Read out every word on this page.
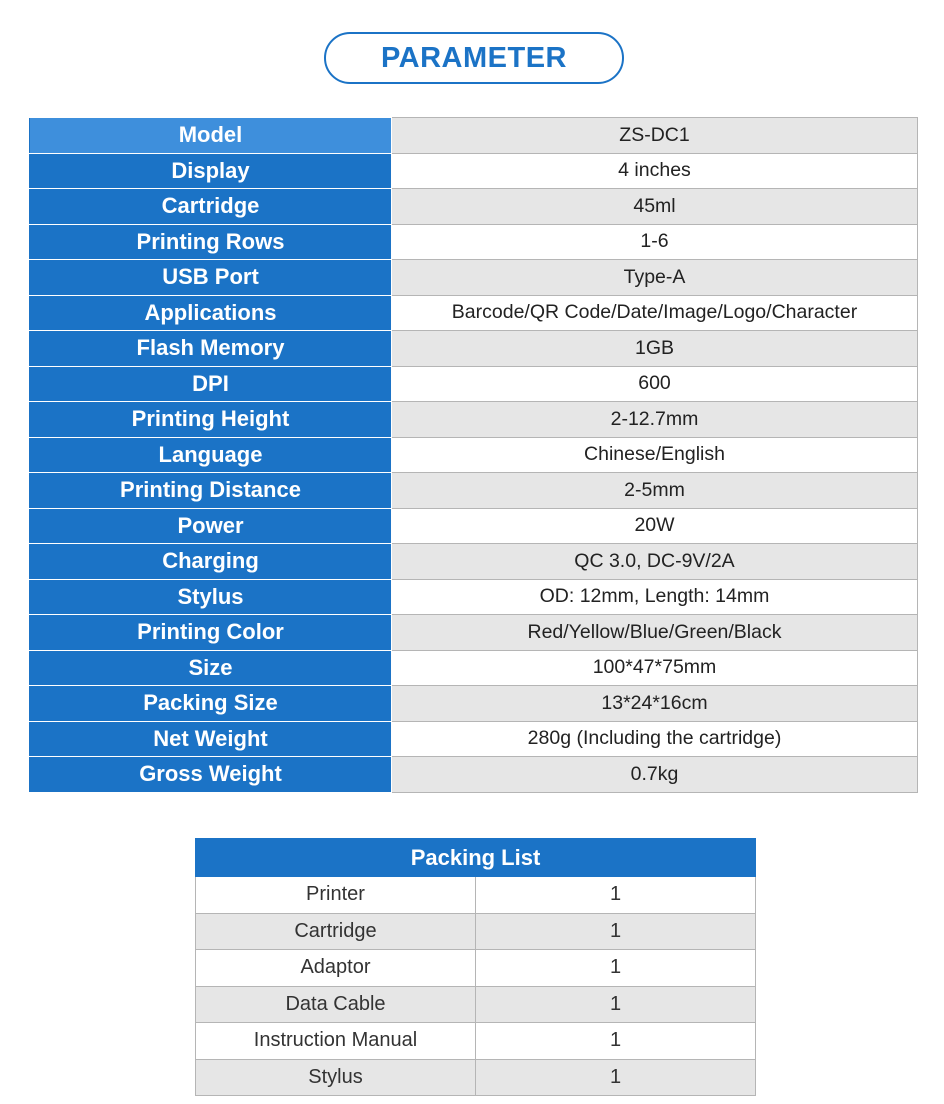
PARAMETER
Model	ZS-DC1
Display	4 inches
Cartridge	45ml
Printing Rows	1-6
USB Port	Type-A
Applications	Barcode/QR Code/Date/Image/Logo/Character
Flash Memory	1GB
DPI	600
Printing Height	2-12.7mm
Language	Chinese/English
Printing Distance	2-5mm
Power	20W
Charging	QC 3.0, DC-9V/2A
Stylus	OD: 12mm, Length: 14mm
Printing Color	Red/Yellow/Blue/Green/Black
Size	100*47*75mm
Packing Size	13*24*16cm
Net Weight	280g (Including the cartridge)
Gross Weight	0.7kg
Packing List	
Printer	1
Cartridge	1
Adaptor	1
Data Cable	1
Instruction Manual	1
Stylus	1
